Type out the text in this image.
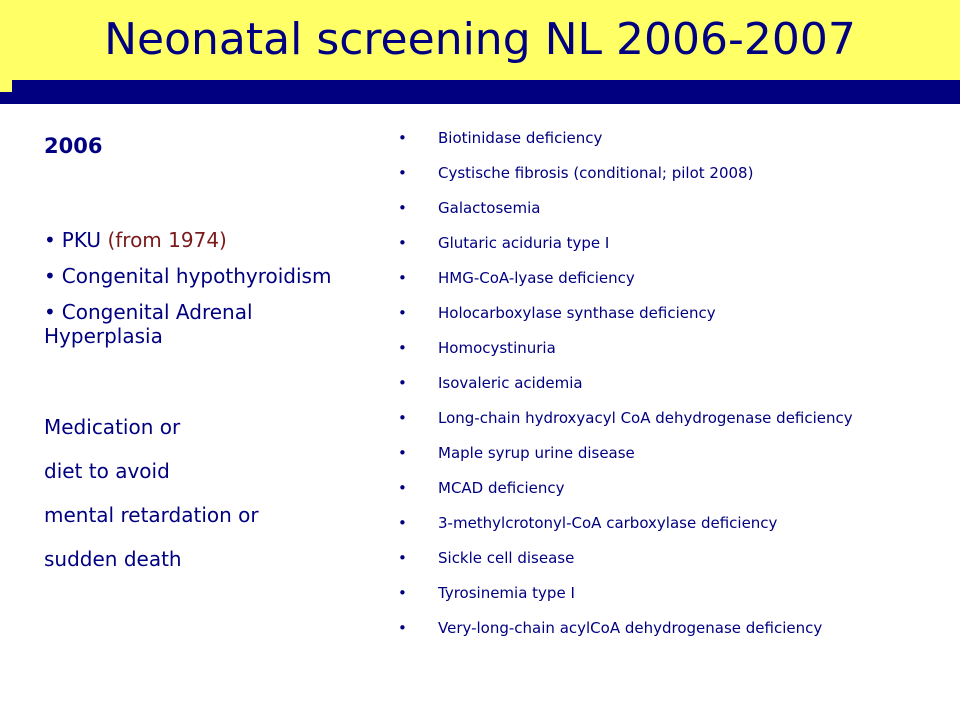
Neonatal screening NL 2006-2007
2006
• PKU (from 1974)
• Congenital hypothyroidism
• Congenital Adrenal Hyperplasia
Medication or
diet to avoid
mental retardation or
sudden death
• Biotinidase deficiency
• Cystische fibrosis (conditional; pilot 2008)
• Galactosemia
• Glutaric aciduria type I
• HMG-CoA-lyase deficiency
• Holocarboxylase synthase deficiency
• Homocystinuria
• Isovaleric acidemia
• Long-chain hydroxyacyl CoA dehydrogenase deficiency
• Maple syrup urine disease
• MCAD deficiency
• 3-methylcrotonyl-CoA carboxylase deficiency
• Sickle cell disease
• Tyrosinemia type I
• Very-long-chain acylCoA dehydrogenase deficiency
